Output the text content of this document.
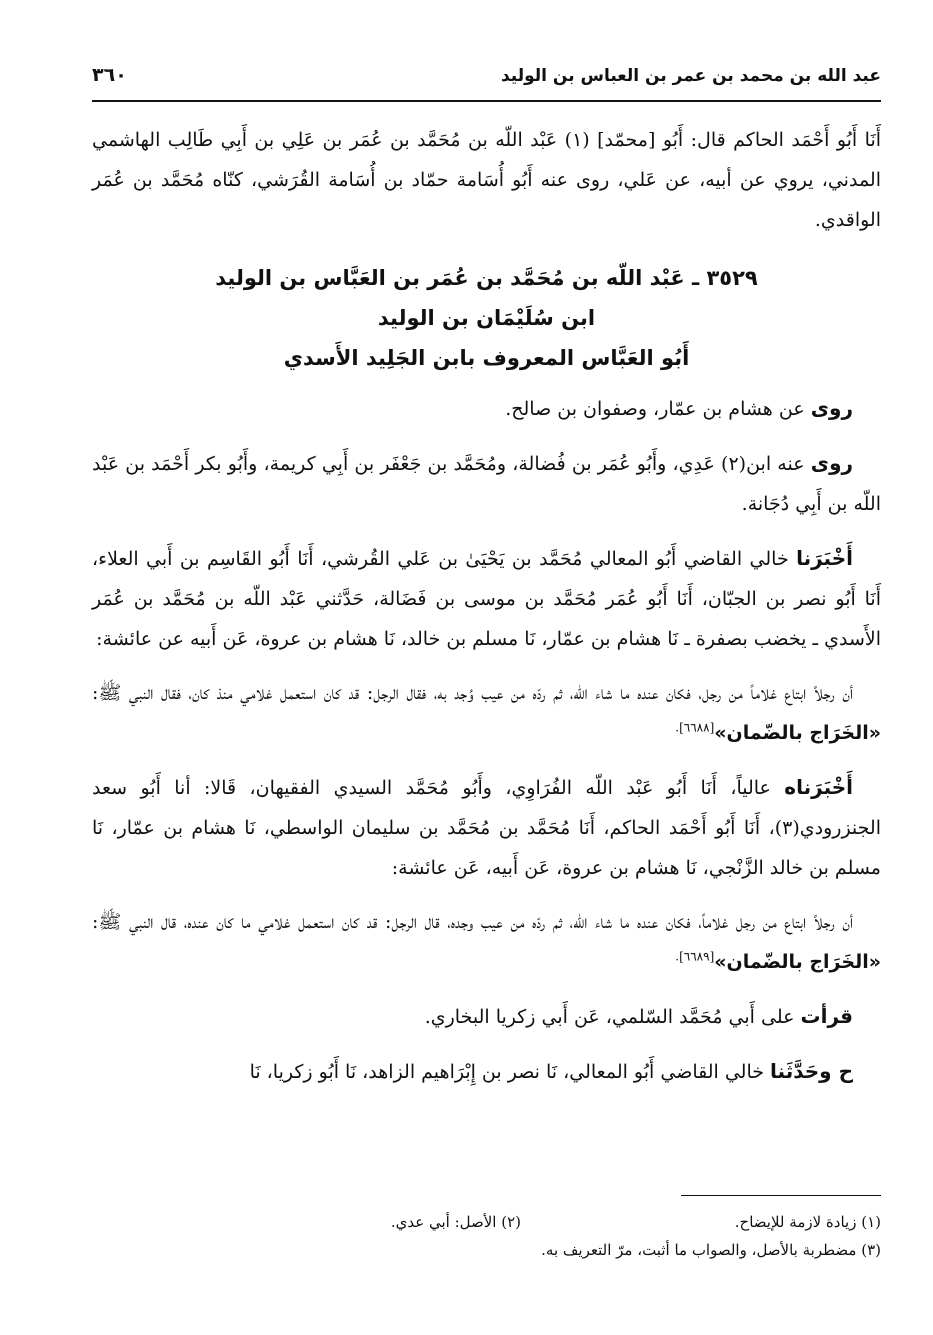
عبد الله بن محمد بن عمر بن العباس بن الوليد
٣٦٠

أَنَا أَبُو أَحْمَد الحاكم قال: أَبُو [محمّد] (١) عَبْد اللّه بن مُحَمَّد بن عُمَر بن عَلِي بن أَبِي طَالِب الهاشمي المدني، يروي عن أبيه، عن عَلي، روى عنه أَبُو أُسَامة حمّاد بن أُسَامة القُرَشي، كنّاه مُحَمَّد بن عُمَر الواقدي.

٣٥٢٩ ـ عَبْد اللّه بن مُحَمَّد بن عُمَر بن العَبَّاس بن الوليد
ابن سُلَيْمَان بن الوليد
أَبُو العَبَّاس المعروف بابن الجَلِيد الأَسدي

روى عن هشام بن عمّار، وصفوان بن صالح.

روى عنه ابن(٢) عَدِي، وأَبُو عُمَر بن فُضالة، ومُحَمَّد بن جَعْفَر بن أَبِي كريمة، وأَبُو بكر أَحْمَد بن عَبْد اللّه بن أَبِي دُجَانة.

أَخْبَرَنا خالي القاضي أَبُو المعالي مُحَمَّد بن يَحْيَىٰ بن عَلي القُرشي، أَنَا أَبُو القَاسِم بن أَبي العلاء، أَنَا أَبُو نصر بن الجبّان، أَنَا أَبُو عُمَر مُحَمَّد بن موسى بن فَضَالة، حَدَّثني عَبْد اللّه بن مُحَمَّد بن عُمَر الأَسدي ـ يخضب بصفرة ـ نَا هشام بن عمّار، نَا مسلم بن خالد، نَا هشام بن عروة، عَن أَبيه عن عائشة:

أن رجلاً ابتاع غلاماً من رجل، فكان عنده ما شاء الله، ثم ردّه من عيب وُجد به، فقال الرجل: قد كان استعمل غلامي منذ كان، فقال النبي ﷺ: «الخَرَاج بالضّمان»$^{[٦٦٨٨].}$

أَخْبَرَناه عالياً، أَنَا أَبُو عَبْد اللّه الفُرَاوِي، وأَبُو مُحَمَّد السيدي الفقيهان، قَالا: أنا أَبُو سعد الجنزرودي(٣)، أَنَا أَبُو أَحْمَد الحاكم، أَنَا مُحَمَّد بن مُحَمَّد بن سليمان الواسطي، نَا هشام بن عمّار، نَا مسلم بن خالد الزَّنْجي، نَا هشام بن عروة، عَن أَبيه، عَن عائشة:

أن رجلاً ابتاع من رجل غلاماً، فكان عنده ما شاء الله، ثم ردّه من عيب وجده، قال الرجل: قد كان استعمل غلامي ما كان عنده، قال النبي ﷺ: «الخَرَاج بالضّمان»$^{[٦٦٨٩].}$

قرأت على أَبي مُحَمَّد السّلمي، عَن أَبي زكريا البخاري.

ح وحَدَّثَنا خالي القاضي أَبُو المعالي، نَا نصر بن إِبْرَاهيم الزاهد، نَا أَبُو زكريا، نَا

(١) زيادة لازمة للإيضاح.
(٢) الأصل: أبي عدي.
(٣) مضطربة بالأصل، والصواب ما أثبت، مرّ التعريف به.
